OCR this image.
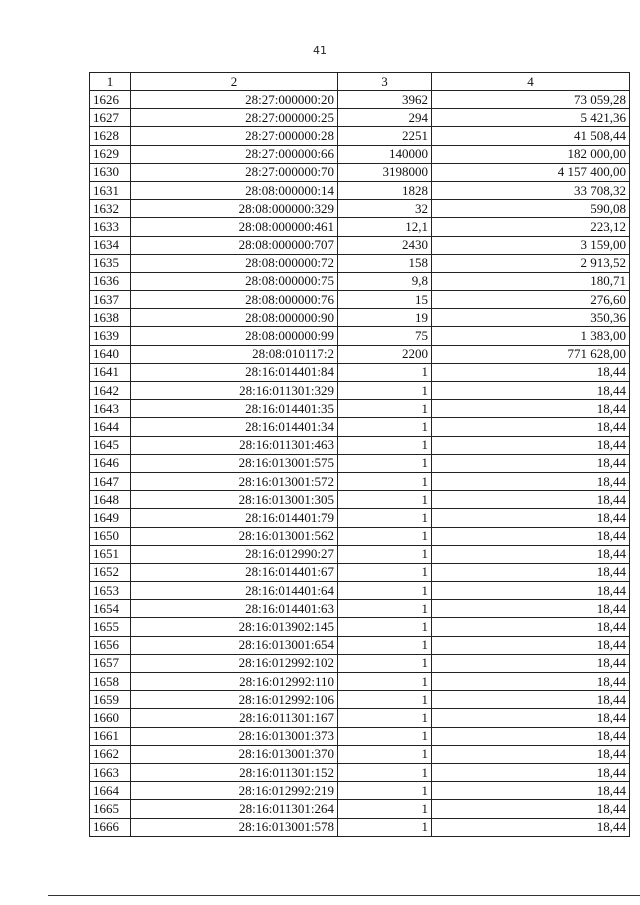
41
1	2	3	4
1626	28:27:000000:20	3962	73 059,28
1627	28:27:000000:25	294	5 421,36
1628	28:27:000000:28	2251	41 508,44
1629	28:27:000000:66	140000	182 000,00
1630	28:27:000000:70	3198000	4 157 400,00
1631	28:08:000000:14	1828	33 708,32
1632	28:08:000000:329	32	590,08
1633	28:08:000000:461	12,1	223,12
1634	28:08:000000:707	2430	3 159,00
1635	28:08:000000:72	158	2 913,52
1636	28:08:000000:75	9,8	180,71
1637	28:08:000000:76	15	276,60
1638	28:08:000000:90	19	350,36
1639	28:08:000000:99	75	1 383,00
1640	28:08:010117:2	2200	771 628,00
1641	28:16:014401:84	1	18,44
1642	28:16:011301:329	1	18,44
1643	28:16:014401:35	1	18,44
1644	28:16:014401:34	1	18,44
1645	28:16:011301:463	1	18,44
1646	28:16:013001:575	1	18,44
1647	28:16:013001:572	1	18,44
1648	28:16:013001:305	1	18,44
1649	28:16:014401:79	1	18,44
1650	28:16:013001:562	1	18,44
1651	28:16:012990:27	1	18,44
1652	28:16:014401:67	1	18,44
1653	28:16:014401:64	1	18,44
1654	28:16:014401:63	1	18,44
1655	28:16:013902:145	1	18,44
1656	28:16:013001:654	1	18,44
1657	28:16:012992:102	1	18,44
1658	28:16:012992:110	1	18,44
1659	28:16:012992:106	1	18,44
1660	28:16:011301:167	1	18,44
1661	28:16:013001:373	1	18,44
1662	28:16:013001:370	1	18,44
1663	28:16:011301:152	1	18,44
1664	28:16:012992:219	1	18,44
1665	28:16:011301:264	1	18,44
1666	28:16:013001:578	1	18,44
